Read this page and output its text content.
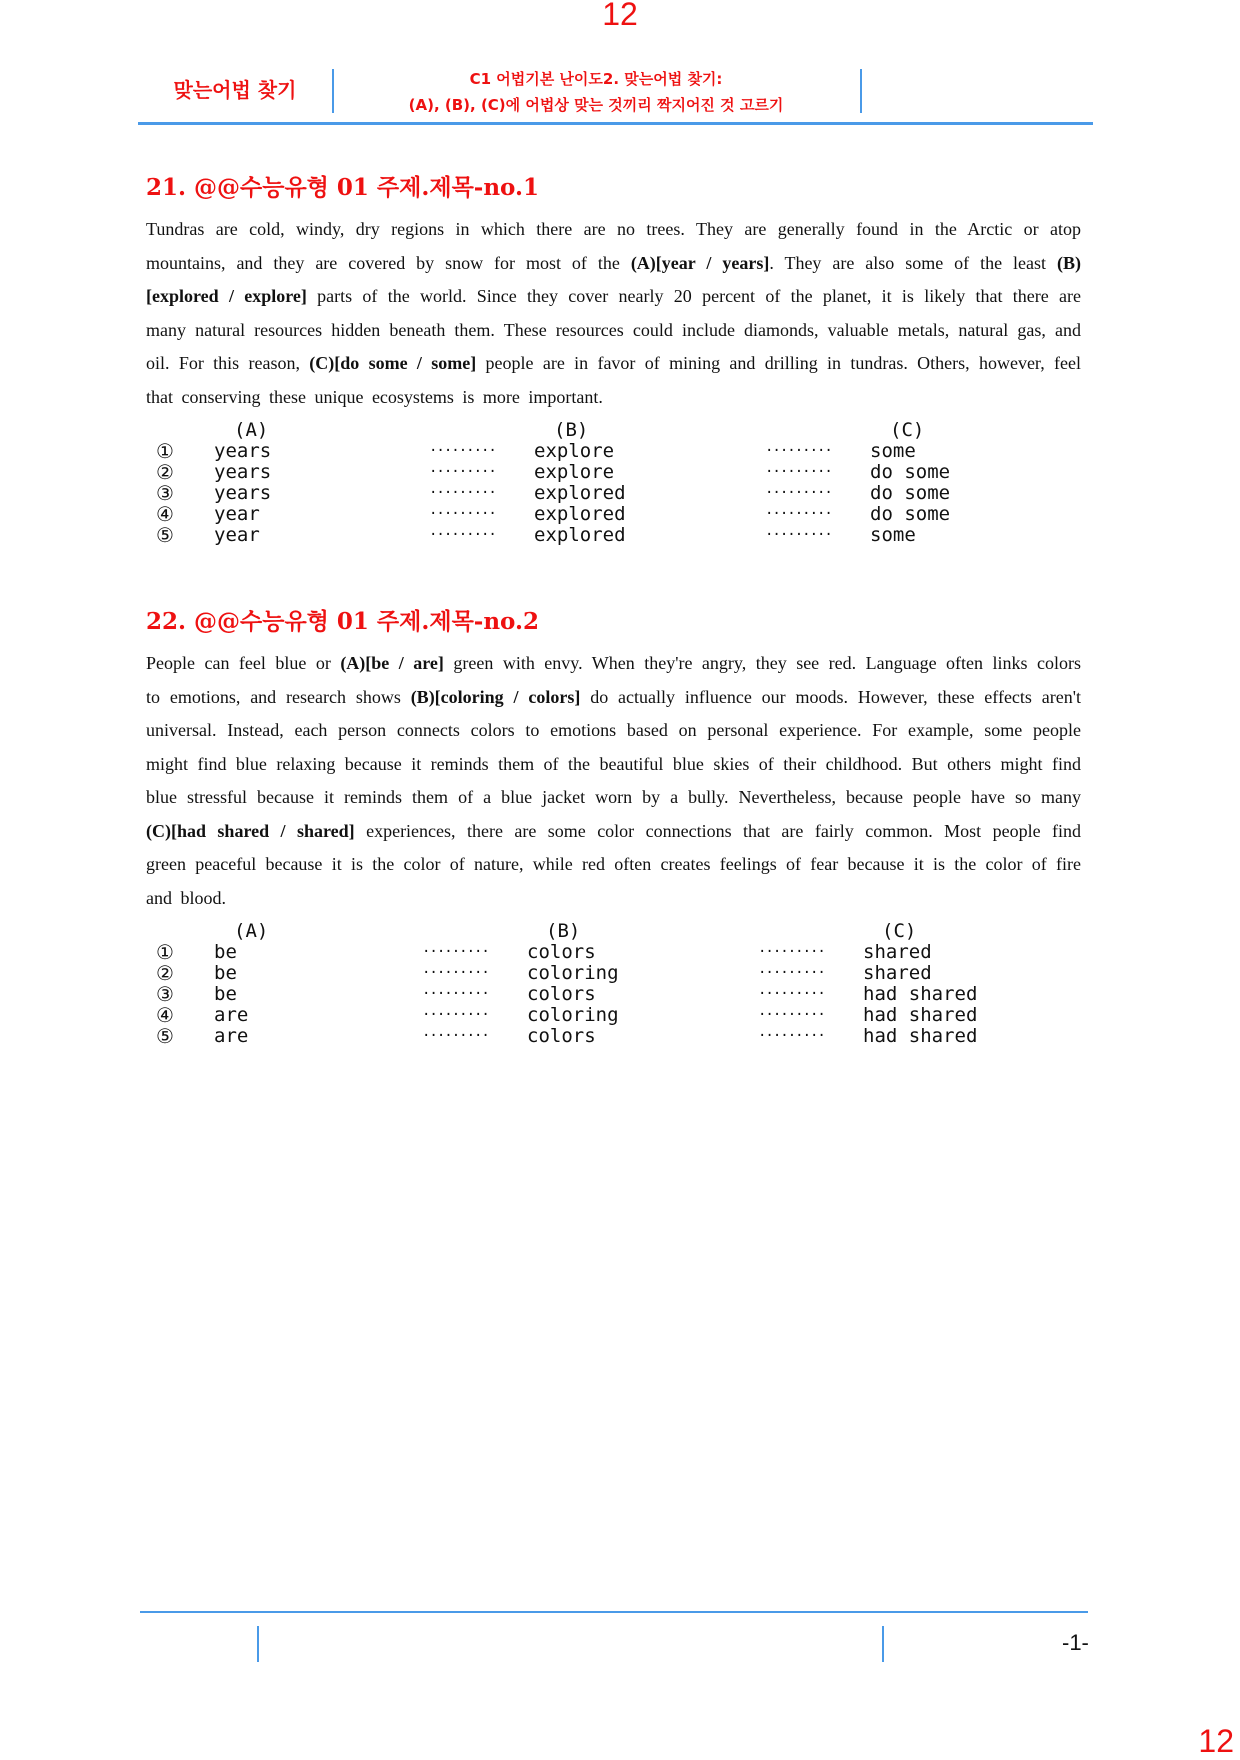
12
맞는어법 찾기	C1 어법기본 난이도2. 맞는어법 찾기:
(A), (B), (C)에 어법상 맞는 것끼리 짝지어진 것 고르기
21. @@수능유형 01 주제.제목-no.1

Tundras are cold, windy, dry regions in which there are no trees. They are generally found in the Arctic or atop mountains, and they are covered by snow for most of the (A)[year / years]. They are also some of the least (B)[explored / explore] parts of the world. Since they cover nearly 20 percent of the planet, it is likely that there are many natural resources hidden beneath them. These resources could include diamonds, valuable metals, natural gas, and oil. For this reason, (C)[do some / some] people are in favor of mining and drilling in tundras. Others, however, feel that conserving these unique ecosystems is more important.

(A)	(B)	(C)
① years	········· explore	········· some
② years	········· explore	········· do some
③ years	········· explored	········· do some
④ year	········· explored	········· do some
⑤ year	········· explored	········· some
22. @@수능유형 01 주제.제목-no.2

People can feel blue or (A)[be / are] green with envy. When they're angry, they see red. Language often links colors to emotions, and research shows (B)[coloring / colors] do actually influence our moods. However, these effects aren't universal. Instead, each person connects colors to emotions based on personal experience. For example, some people might find blue relaxing because it reminds them of the beautiful blue skies of their childhood. But others might find blue stressful because it reminds them of a blue jacket worn by a bully. Nevertheless, because people have so many (C)[had shared / shared] experiences, there are some color connections that are fairly common. Most people find green peaceful because it is the color of nature, while red often creates feelings of fear because it is the color of fire and blood.

(A)	(B)	(C)
① be	········· colors	········· shared
② be	········· coloring	········· shared
③ be	········· colors	········· had shared
④ are	········· coloring	········· had shared
⑤ are	········· colors	········· had shared
-1-
12
